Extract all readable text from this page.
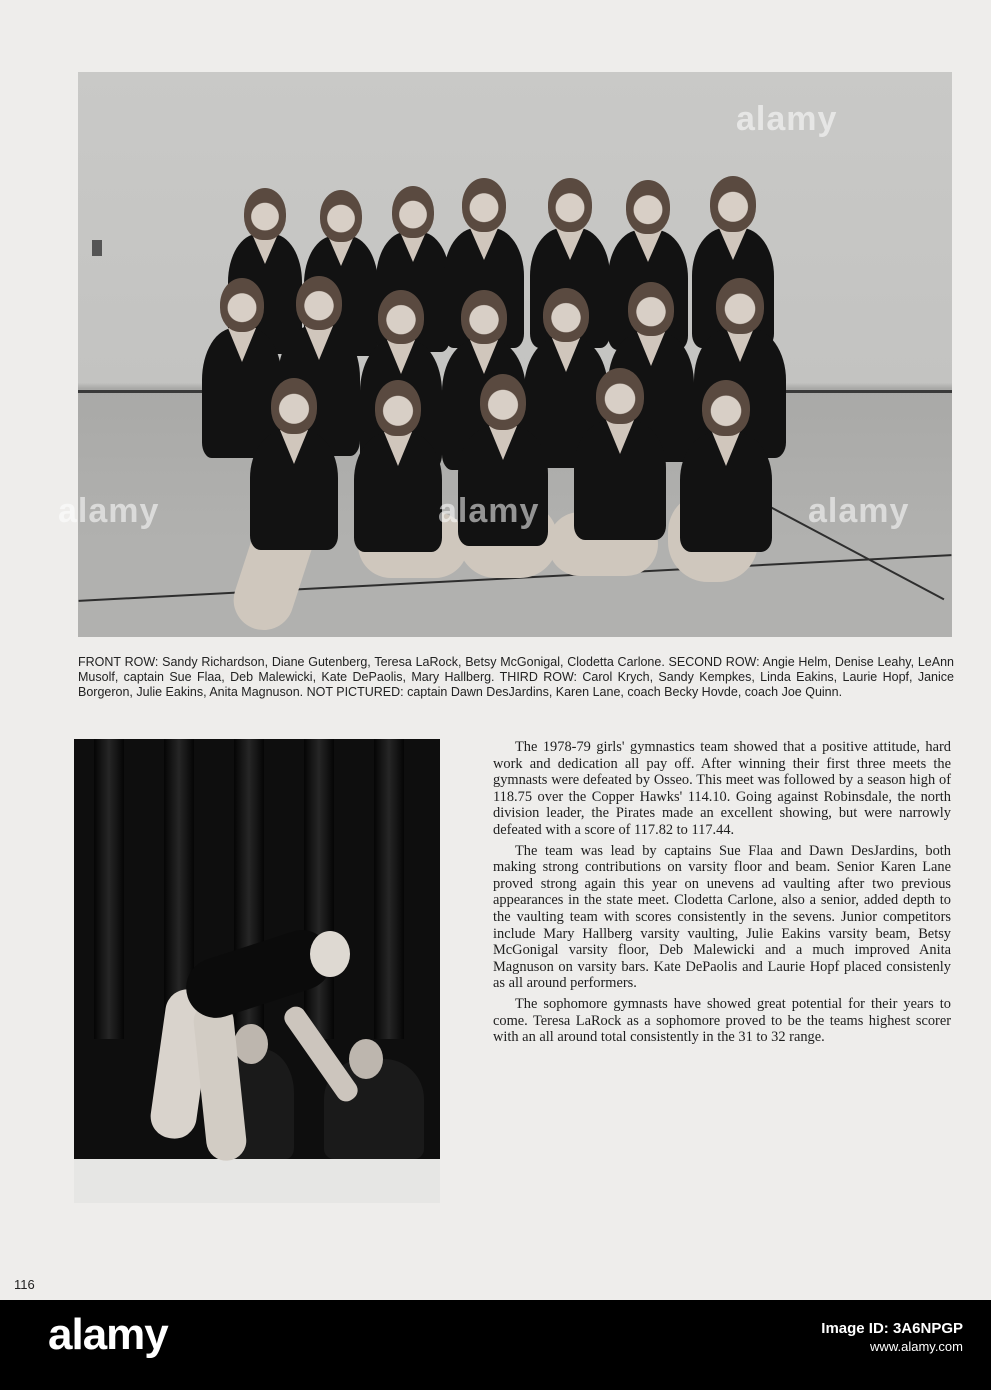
alamy
alamy	alamy	alamy
FRONT ROW: Sandy Richardson, Diane Gutenberg, Teresa LaRock, Betsy McGonigal, Clodetta Carlone. SECOND ROW: Angie Helm, Denise Leahy, LeAnn Musolf, captain Sue Flaa, Deb Malewicki, Kate DePaolis, Mary Hallberg. THIRD ROW: Carol Krych, Sandy Kempkes, Linda Eakins, Laurie Hopf, Janice Borgeron, Julie Eakins, Anita Magnuson. NOT PICTURED: captain Dawn DesJardins, Karen Lane, coach Becky Hovde, coach Joe Quinn.

The 1978-79 girls' gymnastics team showed that a positive attitude, hard work and dedication all pay off. After winning their first three meets the gymnasts were defeated by Osseo. This meet was followed by a season high of 118.75 over the Copper Hawks' 114.10. Going against Robinsdale, the north division leader, the Pirates made an excellent showing, but were narrowly defeated with a score of 117.82 to 117.44.

The team was lead by captains Sue Flaa and Dawn DesJardins, both making strong contributions on varsity floor and beam. Senior Karen Lane proved strong again this year on unevens ad vaulting after two previous appearances in the state meet. Clodetta Carlone, also a senior, added depth to the vaulting team with scores consistently in the sevens. Junior competitors include Mary Hallberg varsity vaulting, Julie Eakins varsity beam, Betsy McGonigal varsity floor, Deb Malewicki and a much improved Anita Magnuson on varsity bars. Kate DePaolis and Laurie Hopf placed consistenly as all around performers.

The sophomore gymnasts have showed great potential for their years to come. Teresa LaRock as a sophomore proved to be the teams highest scorer with an all around total consistently in the 31 to 32 range.

116
alamy	Image ID: 3A6NPGP
www.alamy.com
